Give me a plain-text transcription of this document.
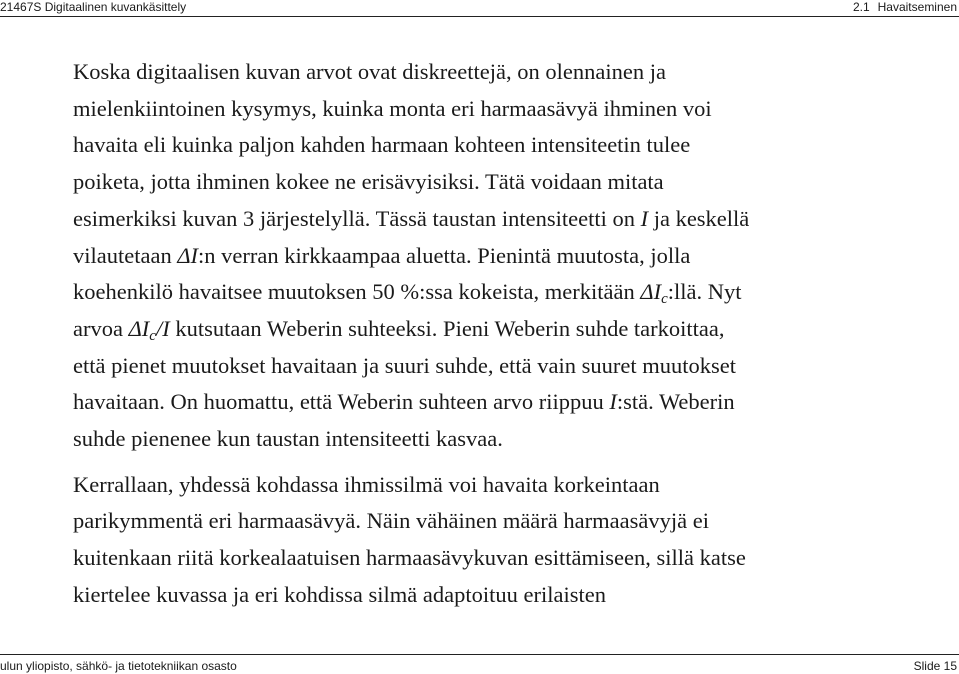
21467S Digitaalinen kuvankäsittely	2.1 Havaitseminen

Koska digitaalisen kuvan arvot ovat diskreettejä, on olennainen ja
mielenkiintoinen kysymys, kuinka monta eri harmaasävyä ihminen voi
havaita eli kuinka paljon kahden harmaan kohteen intensiteetin tulee
poiketa, jotta ihminen kokee ne erisävyisiksi. Tätä voidaan mitata
esimerkiksi kuvan 3 järjestelyllä. Tässä taustan intensiteetti on I ja keskellä
vilautetaan ΔI:n verran kirkkaampaa aluetta. Pienintä muutosta, jolla
koehenkilö havaitsee muutoksen 50 %:ssa kokeista, merkitään $\Delta I_c:llä$. Nyt
arvoa $\Delta I_c/I$ kutsutaan Weberin suhteeksi. Pieni Weberin suhde tarkoittaa,
että pienet muutokset havaitaan ja suuri suhde, että vain suuret muutokset
havaitaan. On huomattu, että Weberin suhteen arvo riippuu I:stä. Weberin
suhde pienenee kun taustan intensiteetti kasvaa.

Kerrallaan, yhdessä kohdassa ihmissilmä voi havaita korkeintaan
parikymmentä eri harmaasävyä. Näin vähäinen määrä harmaasävyjä ei
kuitenkaan riitä korkealaatuisen harmaasävykuvan esittämiseen, sillä katse
kiertelee kuvassa ja eri kohdissa silmä adaptoituu erilaisten

ulun yliopisto, sähkö- ja tietotekniikan osasto	Slide 15
